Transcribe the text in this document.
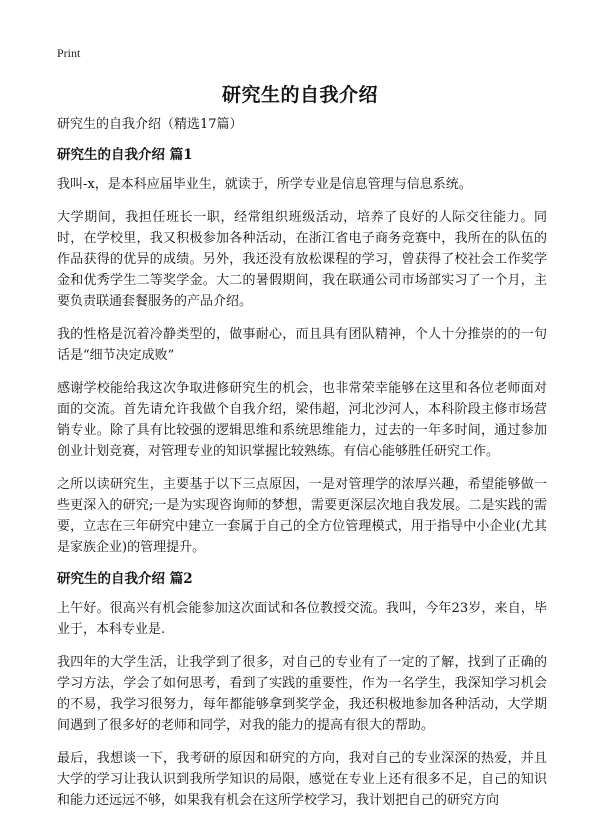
Print
研究生的自我介绍
研究生的自我介绍（精选17篇）
研究生的自我介绍 篇1

我叫-x，是本科应届毕业生，就读于，所学专业是信息管理与信息系统。

大学期间，我担任班长一职，经常组织班级活动，培养了良好的人际交往能力。同时，在学校里，我又积极参加各种活动，在浙江省电子商务竞赛中，我所在的队伍的作品获得的优异的成绩。另外，我还没有放松课程的学习，曾获得了校社会工作奖学金和优秀学生二等奖学金。大二的暑假期间，我在联通公司市场部实习了一个月，主要负责联通套餐服务的产品介绍。

我的性格是沉着冷静类型的，做事耐心，而且具有团队精神，个人十分推崇的的一句话是“细节决定成败”

感谢学校能给我这次争取进修研究生的机会，也非常荣幸能够在这里和各位老师面对面的交流。首先请允许我做个自我介绍，梁伟超，河北沙河人，本科阶段主修市场营销专业。除了具有比较强的逻辑思维和系统思维能力，过去的一年多时间，通过参加创业计划竞赛，对管理专业的知识掌握比较熟练。有信心能够胜任研究工作。

之所以读研究生，主要基于以下三点原因，一是对管理学的浓厚兴趣，希望能够做一些更深入的研究;一是为实现咨询师的梦想，需要更深层次地自我发展。二是实践的需要，立志在三年研究中建立一套属于自己的全方位管理模式，用于指导中小企业(尤其是家族企业)的管理提升。

研究生的自我介绍 篇2

上午好。很高兴有机会能参加这次面试和各位教授交流。我叫，今年23岁，来自，毕业于，本科专业是.

我四年的大学生活，让我学到了很多，对自己的专业有了一定的了解，找到了正确的学习方法，学会了如何思考，看到了实践的重要性，作为一名学生，我深知学习机会的不易，我学习很努力，每年都能够拿到奖学金，我还积极地参加各种活动，大学期间遇到了很多好的老师和同学，对我的能力的提高有很大的帮助。

最后，我想谈一下，我考研的原因和研究的方向，我对自己的专业深深的热爱，并且大学的学习让我认识到我所学知识的局限，感觉在专业上还有很多不足，自己的知识和能力还远远不够，如果我有机会在这所学校学习，我计划把自己的研究方向
